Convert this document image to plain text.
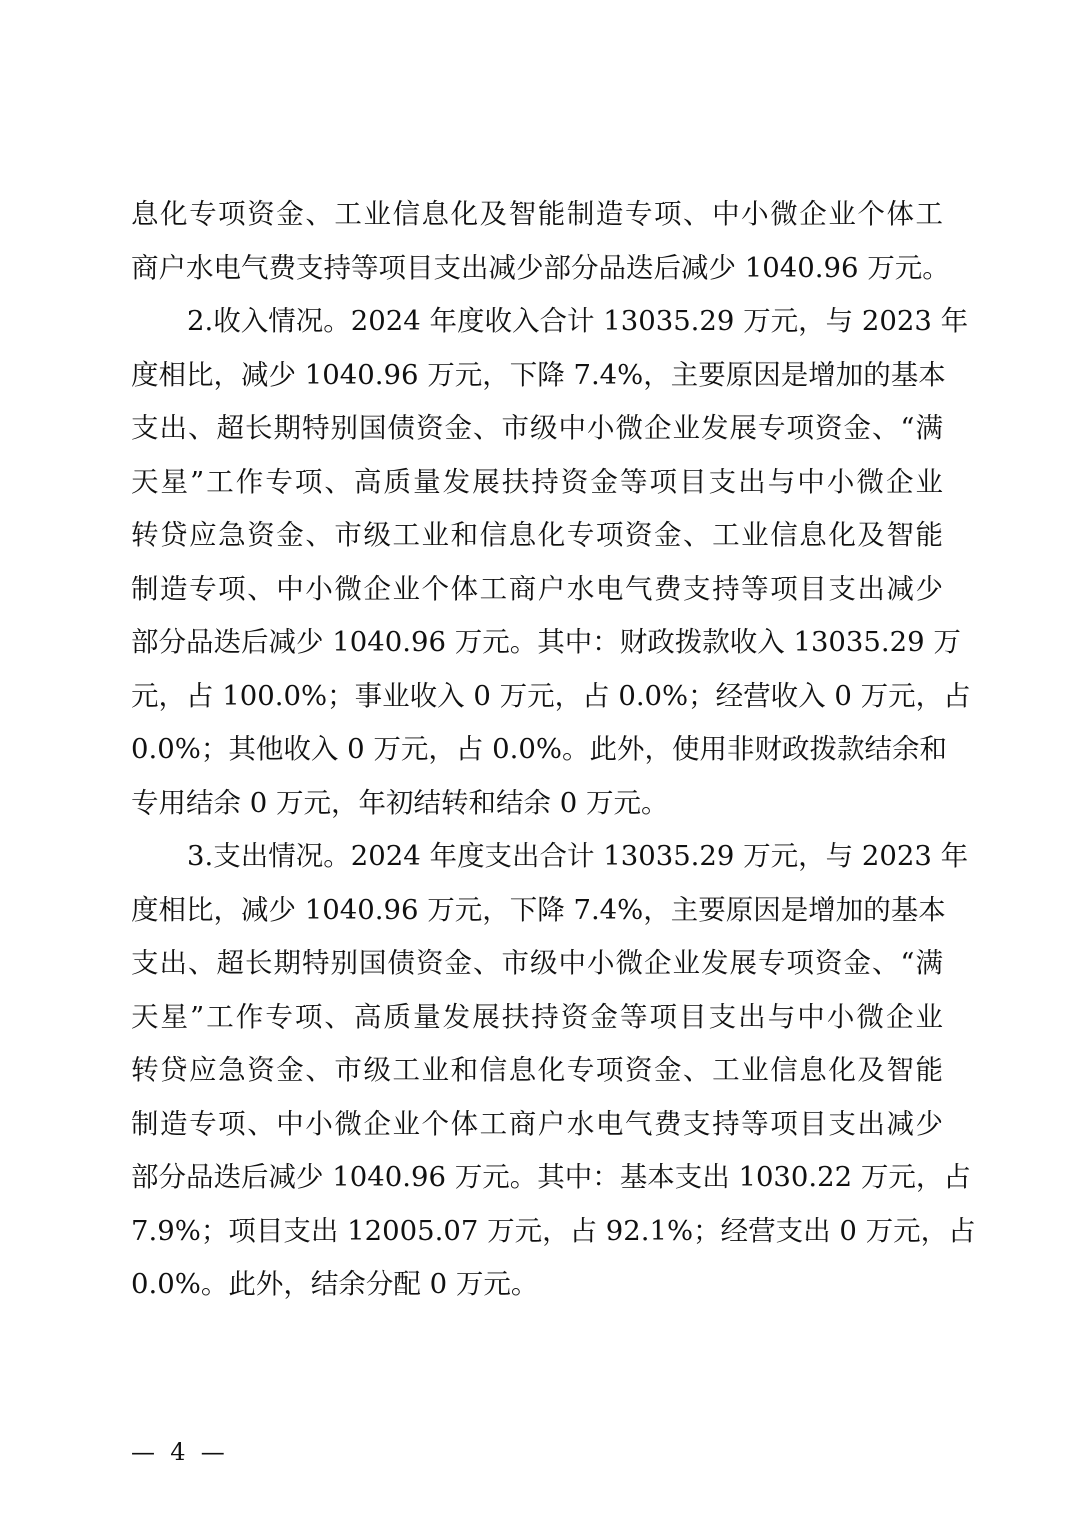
息化专项资金、工业信息化及智能制造专项、中小微企业个体工
商户水电气费支持等项目支出减少部分品迭后减少 1040.96 万元。
2.收入情况。2024 年度收入合计 13035.29 万元，与 2023 年
度相比，减少 1040.96 万元，下降 7.4%，主要原因是增加的基本
支出、超长期特别国债资金、市级中小微企业发展专项资金、“满
天星”工作专项、高质量发展扶持资金等项目支出与中小微企业
转贷应急资金、市级工业和信息化专项资金、工业信息化及智能
制造专项、中小微企业个体工商户水电气费支持等项目支出减少
部分品迭后减少 1040.96 万元。其中：财政拨款收入 13035.29 万
元，占 100.0%；事业收入 0 万元，占 0.0%；经营收入 0 万元，占
0.0%；其他收入 0 万元，占 0.0%。此外，使用非财政拨款结余和
专用结余 0 万元，年初结转和结余 0 万元。
3.支出情况。2024 年度支出合计 13035.29 万元，与 2023 年
度相比，减少 1040.96 万元，下降 7.4%，主要原因是增加的基本
支出、超长期特别国债资金、市级中小微企业发展专项资金、“满
天星”工作专项、高质量发展扶持资金等项目支出与中小微企业
转贷应急资金、市级工业和信息化专项资金、工业信息化及智能
制造专项、中小微企业个体工商户水电气费支持等项目支出减少
部分品迭后减少 1040.96 万元。其中：基本支出 1030.22 万元，占
7.9%；项目支出 12005.07 万元，占 92.1%；经营支出 0 万元，占
0.0%。此外，结余分配 0 万元。
—  4  —
